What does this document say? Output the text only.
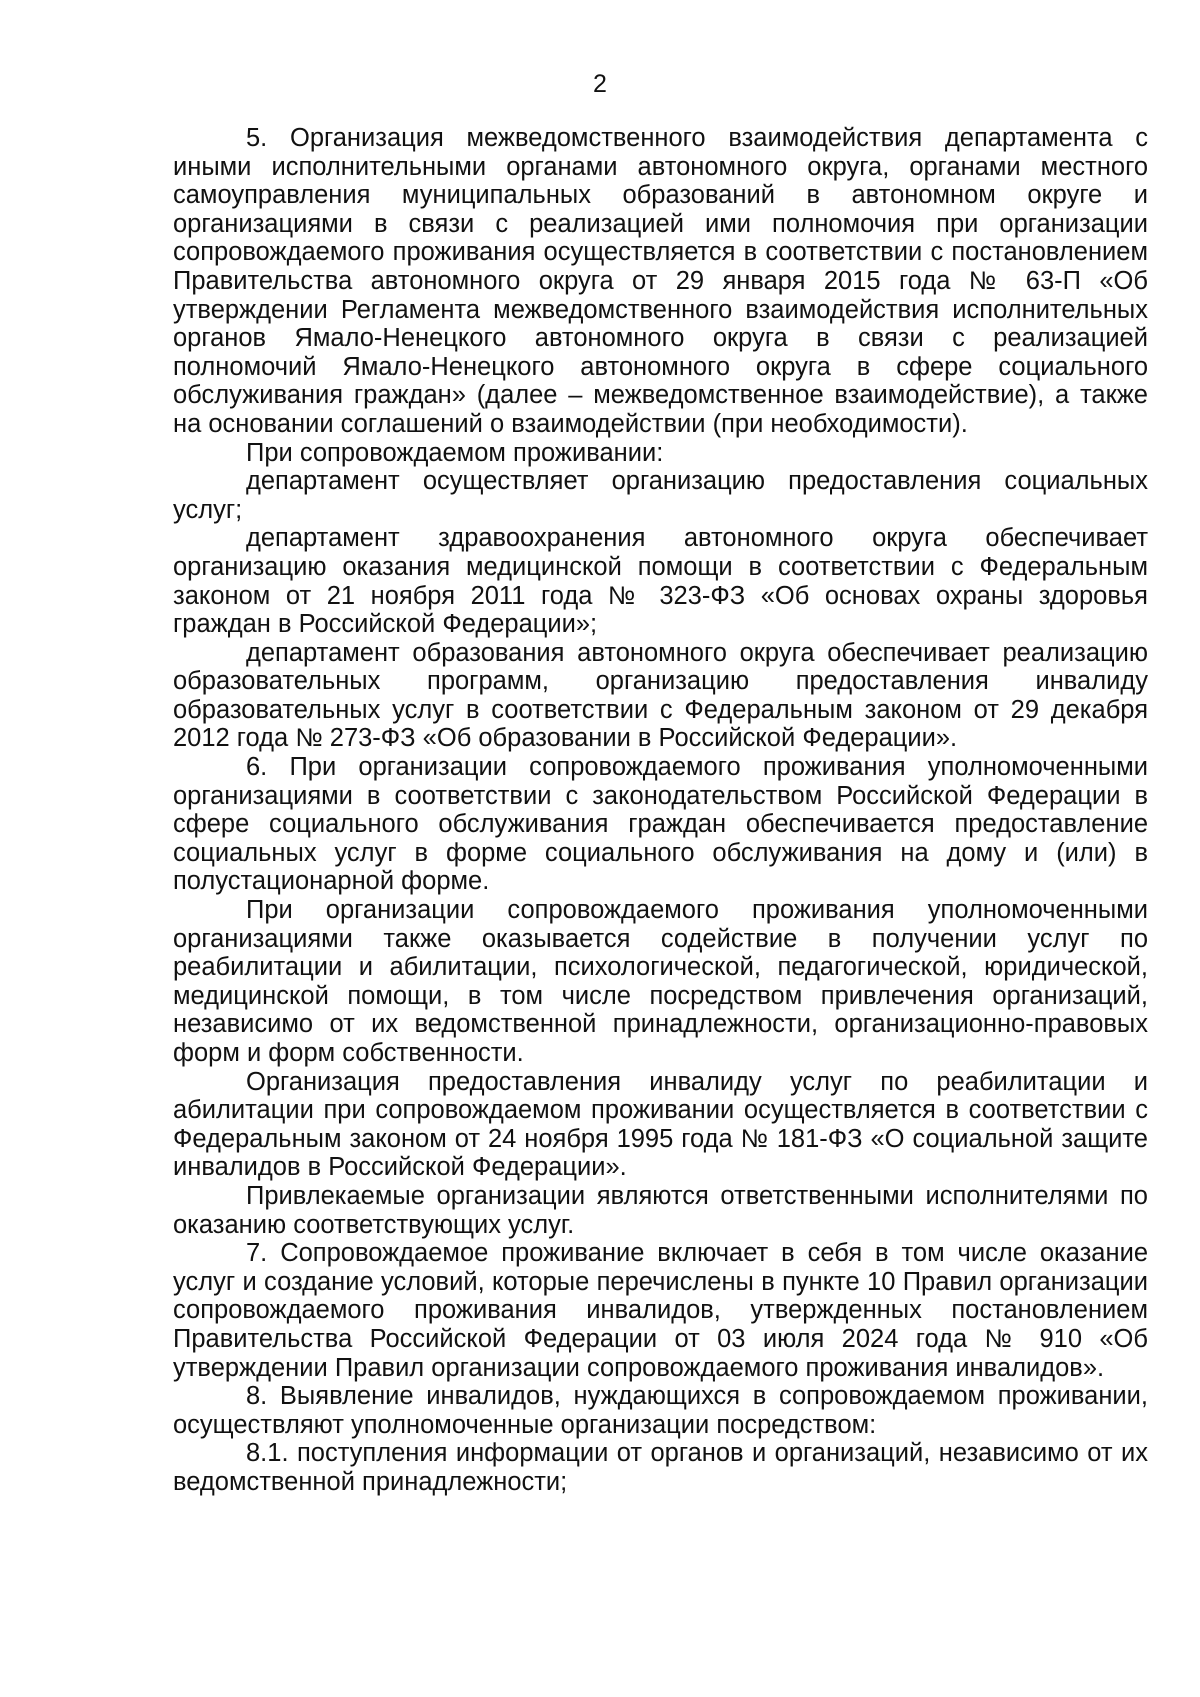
2

5. Организация межведомственного взаимодействия департамента с иными исполнительными органами автономного округа, органами местного самоуправления муниципальных образований в автономном округе и организациями в связи с реализацией ими полномочия при организации сопровождаемого проживания осуществляется в соответствии с постановлением Правительства автономного округа от 29 января 2015 года № 63-П «Об утверждении Регламента межведомственного взаимодействия исполнительных органов Ямало-Ненецкого автономного округа в связи с реализацией полномочий Ямало-Ненецкого автономного округа в сфере социального обслуживания граждан» (далее – межведомственное взаимодействие), а также на основании соглашений о взаимодействии (при необходимости).

При сопровождаемом проживании:

департамент осуществляет организацию предоставления социальных услуг;

департамент здравоохранения автономного округа обеспечивает организацию оказания медицинской помощи в соответствии с Федеральным законом от 21 ноября 2011 года № 323-ФЗ «Об основах охраны здоровья граждан в Российской Федерации»;

департамент образования автономного округа обеспечивает реализацию образовательных программ, организацию предоставления инвалиду образовательных услуг в соответствии с Федеральным законом от 29 декабря 2012 года № 273-ФЗ «Об образовании в Российской Федерации».

6. При организации сопровождаемого проживания уполномоченными организациями в соответствии с законодательством Российской Федерации в сфере социального обслуживания граждан обеспечивается предоставление социальных услуг в форме социального обслуживания на дому и (или) в полустационарной форме.

При организации сопровождаемого проживания уполномоченными организациями также оказывается содействие в получении услуг по реабилитации и абилитации, психологической, педагогической, юридической, медицинской помощи, в том числе посредством привлечения организаций, независимо от их ведомственной принадлежности, организационно-правовых форм и форм собственности.

Организация предоставления инвалиду услуг по реабилитации и абилитации при сопровождаемом проживании осуществляется в соответствии с Федеральным законом от 24 ноября 1995 года № 181-ФЗ «О социальной защите инвалидов в Российской Федерации».

Привлекаемые организации являются ответственными исполнителями по оказанию соответствующих услуг.

7. Сопровождаемое проживание включает в себя в том числе оказание услуг и создание условий, которые перечислены в пункте 10 Правил организации сопровождаемого проживания инвалидов, утвержденных постановлением Правительства Российской Федерации от 03 июля 2024 года № 910 «Об утверждении Правил организации сопровождаемого проживания инвалидов».

8. Выявление инвалидов, нуждающихся в сопровождаемом проживании, осуществляют уполномоченные организации посредством:

8.1. поступления информации от органов и организаций, независимо от их ведомственной принадлежности;
